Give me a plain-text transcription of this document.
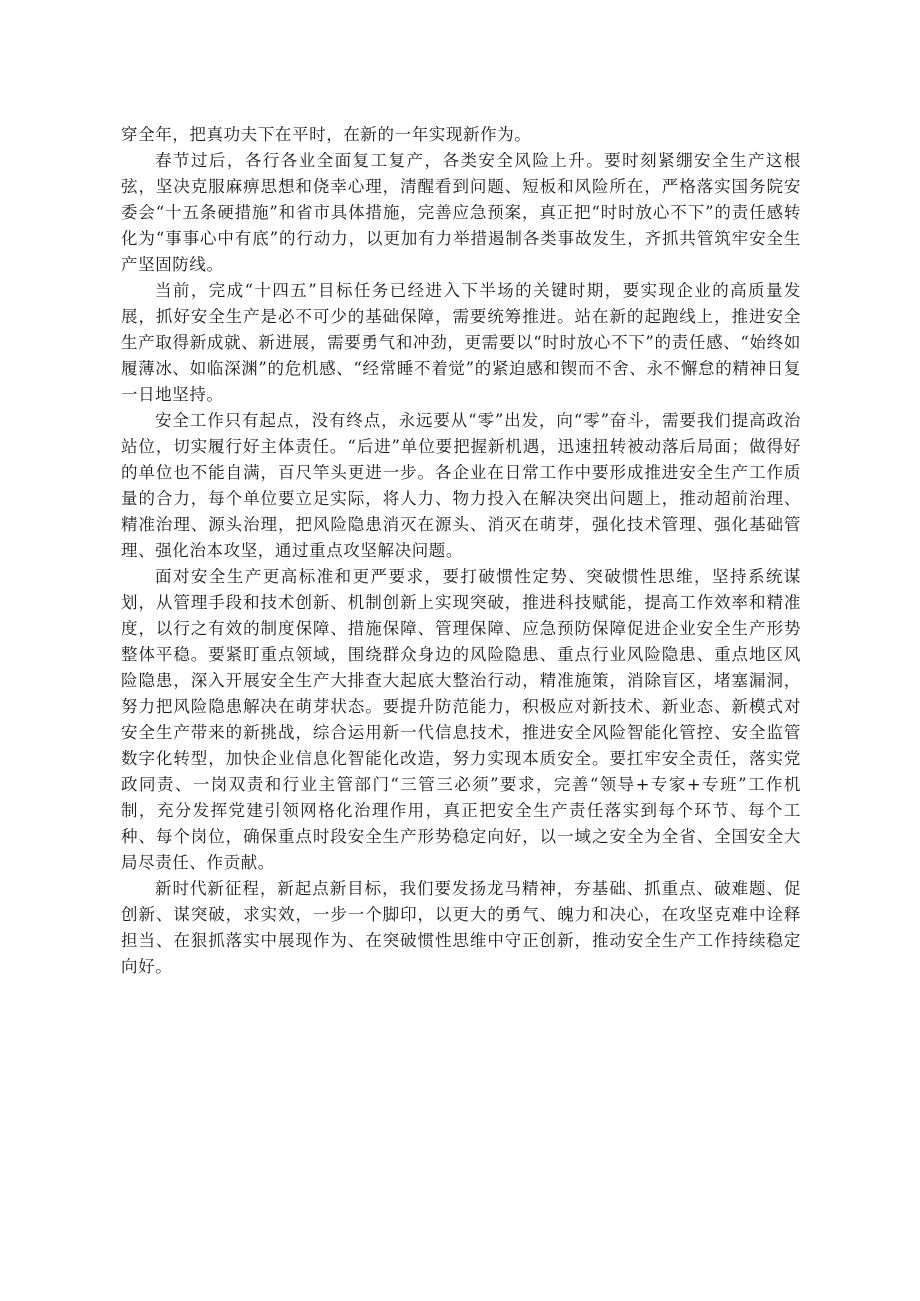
穿全年，把真功夫下在平时，在新的一年实现新作为。

春节过后，各行各业全面复工复产，各类安全风险上升。要时刻紧绷安全生产这根弦，坚决克服麻痹思想和侥幸心理，清醒看到问题、短板和风险所在，严格落实国务院安委会“十五条硬措施”和省市具体措施，完善应急预案，真正把“时时放心不下”的责任感转化为“事事心中有底”的行动力，以更加有力举措遏制各类事故发生，齐抓共管筑牢安全生产坚固防线。

当前，完成“十四五”目标任务已经进入下半场的关键时期，要实现企业的高质量发展，抓好安全生产是必不可少的基础保障，需要统筹推进。站在新的起跑线上，推进安全生产取得新成就、新进展，需要勇气和冲劲，更需要以“时时放心不下”的责任感、“始终如履薄冰、如临深渊”的危机感、“经常睡不着觉”的紧迫感和锲而不舍、永不懈怠的精神日复一日地坚持。

安全工作只有起点，没有终点，永远要从“零”出发，向“零”奋斗，需要我们提高政治站位，切实履行好主体责任。“后进”单位要把握新机遇，迅速扭转被动落后局面；做得好的单位也不能自满，百尺竿头更进一步。各企业在日常工作中要形成推进安全生产工作质量的合力，每个单位要立足实际，将人力、物力投入在解决突出问题上，推动超前治理、精准治理、源头治理，把风险隐患消灭在源头、消灭在萌芽，强化技术管理、强化基础管理、强化治本攻坚，通过重点攻坚解决问题。

面对安全生产更高标准和更严要求，要打破惯性定势、突破惯性思维，坚持系统谋划，从管理手段和技术创新、机制创新上实现突破，推进科技赋能，提高工作效率和精准度，以行之有效的制度保障、措施保障、管理保障、应急预防保障促进企业安全生产形势整体平稳。要紧盯重点领域，围绕群众身边的风险隐患、重点行业风险隐患、重点地区风险隐患，深入开展安全生产大排查大起底大整治行动，精准施策，消除盲区，堵塞漏洞，努力把风险隐患解决在萌芽状态。要提升防范能力，积极应对新技术、新业态、新模式对安全生产带来的新挑战，综合运用新一代信息技术，推进安全风险智能化管控、安全监管数字化转型，加快企业信息化智能化改造，努力实现本质安全。要扛牢安全责任，落实党政同责、一岗双责和行业主管部门“三管三必须”要求，完善“领导+专家+专班”工作机制，充分发挥党建引领网格化治理作用，真正把安全生产责任落实到每个环节、每个工种、每个岗位，确保重点时段安全生产形势稳定向好，以一域之安全为全省、全国安全大局尽责任、作贡献。

新时代新征程，新起点新目标，我们要发扬龙马精神，夯基础、抓重点、破难题、促创新、谋突破，求实效，一步一个脚印，以更大的勇气、魄力和决心，在攻坚克难中诠释担当、在狠抓落实中展现作为、在突破惯性思维中守正创新，推动安全生产工作持续稳定向好。
